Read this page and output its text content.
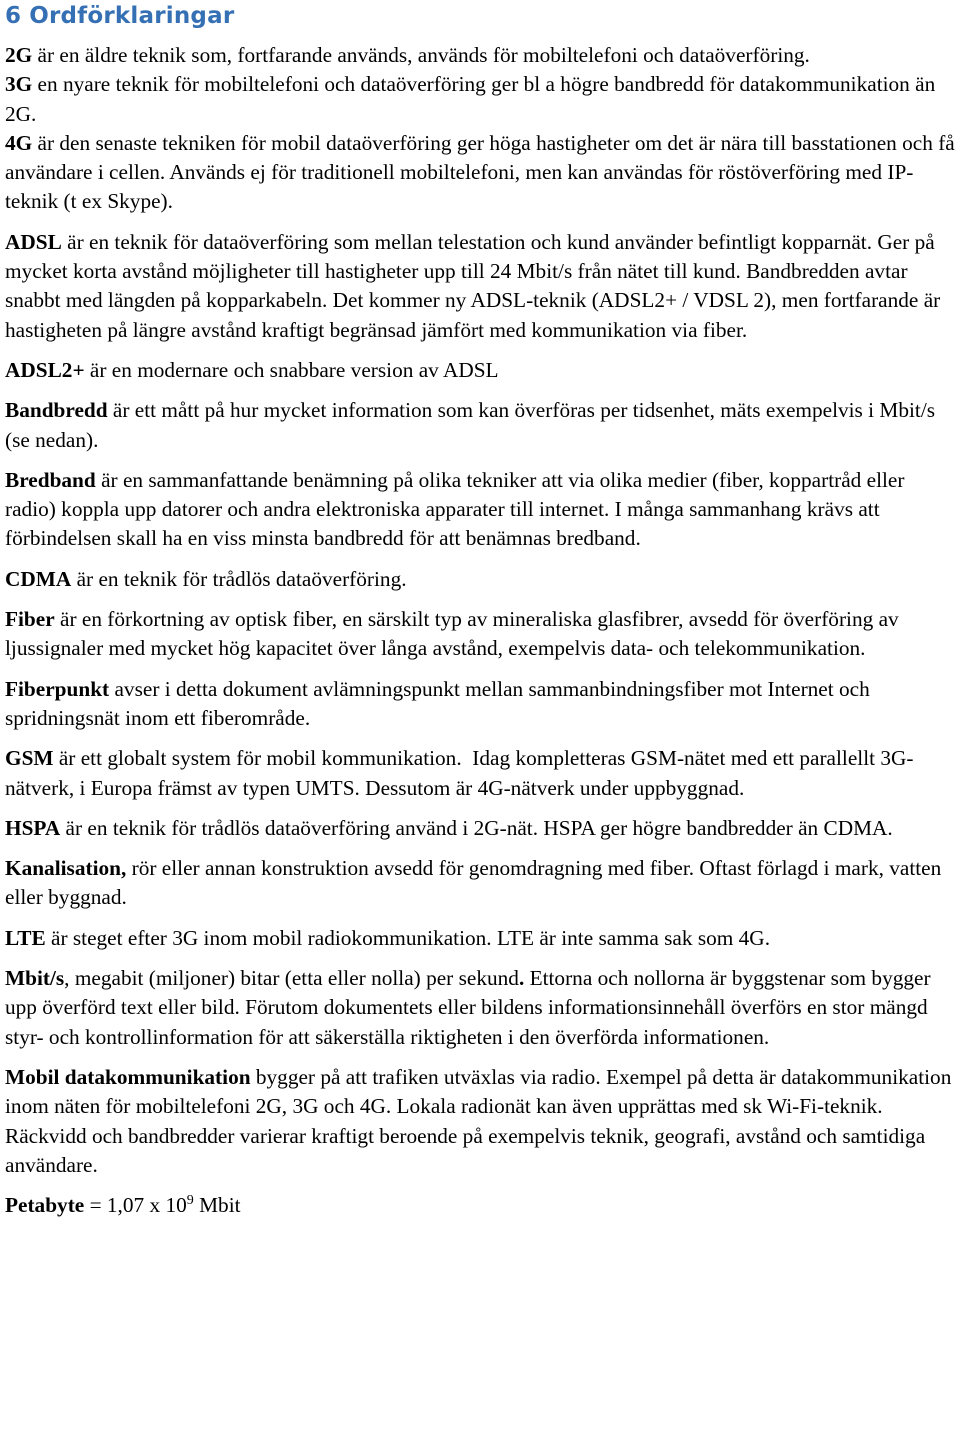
6 Ordförklaringar

2G är en äldre teknik som, fortfarande används, används för mobiltelefoni och dataöverföring.

3G en nyare teknik för mobiltelefoni och dataöverföring ger bl a högre bandbredd för datakommunikation än 2G.

4G är den senaste tekniken för mobil dataöverföring ger höga hastigheter om det är nära till basstationen och få användare i cellen. Används ej för traditionell mobiltelefoni, men kan användas för röstöverföring med IP-teknik (t ex Skype).

ADSL är en teknik för dataöverföring som mellan telestation och kund använder befintligt kopparnät. Ger på mycket korta avstånd möjligheter till hastigheter upp till 24 Mbit/s från nätet till kund. Bandbredden avtar snabbt med längden på kopparkabeln. Det kommer ny ADSL-teknik (ADSL2+ / VDSL 2), men fortfarande är hastigheten på längre avstånd kraftigt begränsad jämfört med kommunikation via fiber.

ADSL2+ är en modernare och snabbare version av ADSL

Bandbredd är ett mått på hur mycket information som kan överföras per tidsenhet, mäts exempelvis i Mbit/s (se nedan).

Bredband är en sammanfattande benämning på olika tekniker att via olika medier (fiber, koppartråd eller radio) koppla upp datorer och andra elektroniska apparater till internet. I många sammanhang krävs att förbindelsen skall ha en viss minsta bandbredd för att benämnas bredband.

CDMA är en teknik för trådlös dataöverföring.

Fiber är en förkortning av optisk fiber, en särskilt typ av mineraliska glasfibrer, avsedd för överföring av ljussignaler med mycket hög kapacitet över långa avstånd, exempelvis data- och telekommunikation.

Fiberpunkt avser i detta dokument avlämningspunkt mellan sammanbindningsfiber mot Internet och spridningsnät inom ett fiberområde.

GSM är ett globalt system för mobil kommunikation.  Idag kompletteras GSM-nätet med ett parallellt 3G-nätverk, i Europa främst av typen UMTS. Dessutom är 4G-nätverk under uppbyggnad.

HSPA är en teknik för trådlös dataöverföring använd i 2G-nät. HSPA ger högre bandbredder än CDMA.

Kanalisation, rör eller annan konstruktion avsedd för genomdragning med fiber. Oftast förlagd i mark, vatten eller byggnad.

LTE är steget efter 3G inom mobil radiokommunikation. LTE är inte samma sak som 4G.

Mbit/s, megabit (miljoner) bitar (etta eller nolla) per sekund. Ettorna och nollorna är byggstenar som bygger upp överförd text eller bild. Förutom dokumentets eller bildens informationsinnehåll överförs en stor mängd styr- och kontrollinformation för att säkerställa riktigheten i den överförda informationen.

Mobil datakommunikation bygger på att trafiken utväxlas via radio. Exempel på detta är datakommunikation inom näten för mobiltelefoni 2G, 3G och 4G. Lokala radionät kan även upprättas med sk Wi-Fi-teknik. Räckvidd och bandbredder varierar kraftigt beroende på exempelvis teknik, geografi, avstånd och samtidiga användare.

Petabyte = 1,07 x $10^9$ Mbit
